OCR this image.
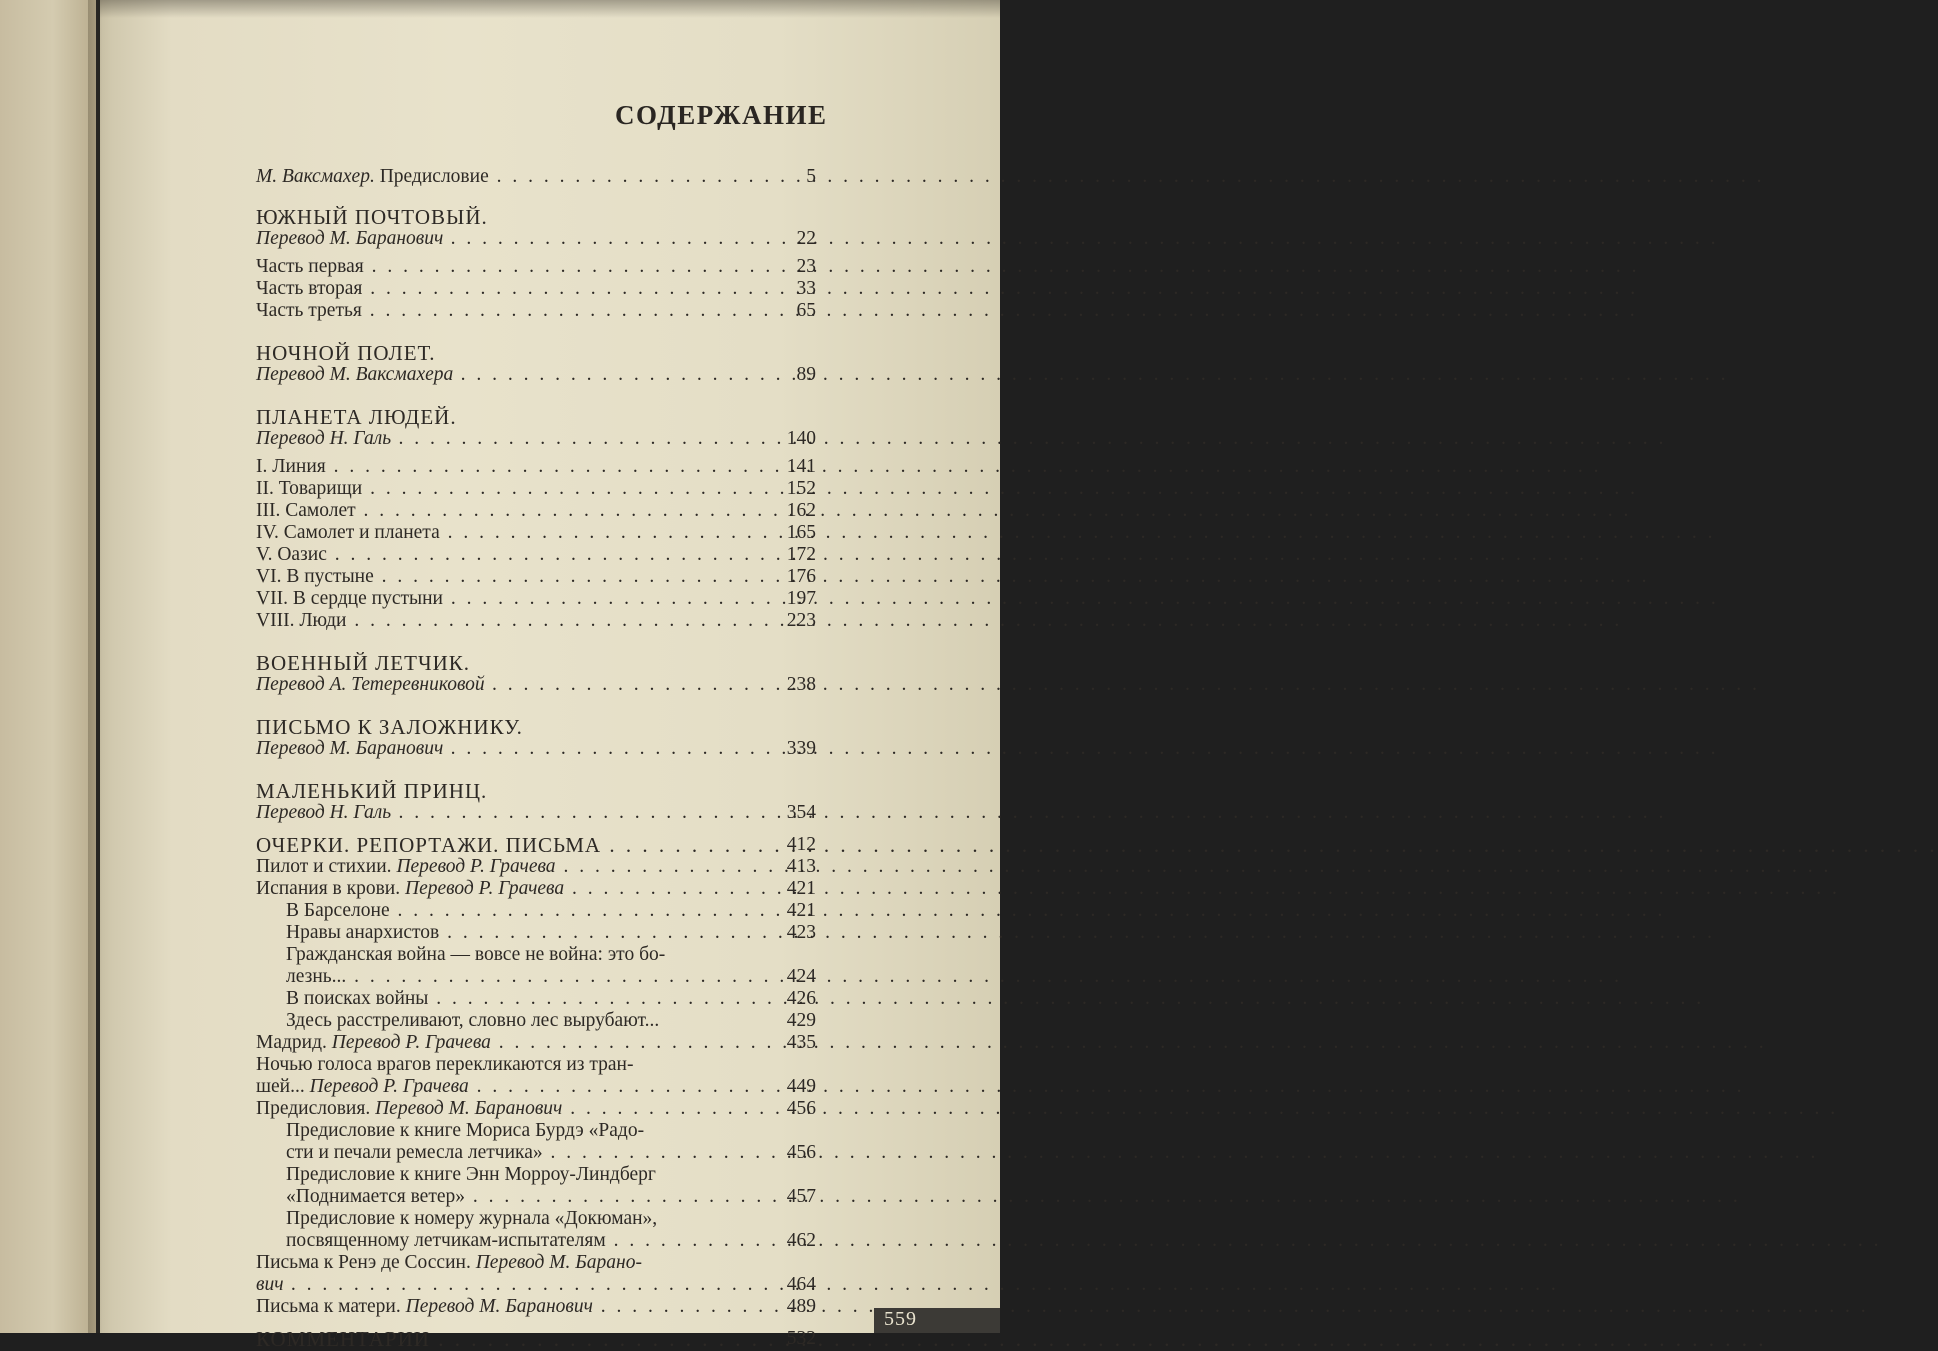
СОДЕРЖАНИЕ
М. Ваксмахер. Предисловие . . .	5
ЮЖНЫЙ ПОЧТОВЫЙ.
Перевод М. Баранович . . .	22
Часть первая . . .	23
Часть вторая . . .	33
Часть третья . . .	65
НОЧНОЙ ПОЛЕТ.
Перевод М. Ваксмахера . . .	89
ПЛАНЕТА ЛЮДЕЙ.
Перевод Н. Галь . . .	140
I. Линия . . .	141
II. Товарищи . . .	152
III. Самолет . . .	162
IV. Самолет и планета . . .	165
V. Оазис . . .	172
VI. В пустыне . . .	176
VII. В сердце пустыни . . .	197
VIII. Люди . . .	223
ВОЕННЫЙ ЛЕТЧИК.
Перевод А. Тетеревниковой . . .	238
ПИСЬМО К ЗАЛОЖНИКУ.
Перевод М. Баранович . . .	339
МАЛЕНЬКИЙ ПРИНЦ.
Перевод Н. Галь . . .	354
ОЧЕРКИ. РЕПОРТАЖИ. ПИСЬМА . . .	412
Пилот и стихии. Перевод Р. Грачева . . .	413
Испания в крови. Перевод Р. Грачева . . .	421
В Барселоне . . .	421
Нравы анархистов . . .	423
Гражданская война — вовсе не война: это бо-
лезнь... . . .	424
В поисках войны . . .	426
Здесь расстреливают, словно лес вырубают...	429
Мадрид. Перевод Р. Грачева . . .	435
Ночью голоса врагов перекликаются из тран-
шей... Перевод Р. Грачева . . .	449
Предисловия. Перевод М. Баранович . . .	456
Предисловие к книге Мориса Бурдэ «Радо-
сти и печали ремесла летчика» . . .	456
Предисловие к книге Энн Морроу-Линдберг
«Поднимается ветер» . . .	457
Предисловие к номеру журнала «Докюман»,
посвященному летчикам-испытателям . . .	462
Письма к Ренэ де Соссин. Перевод М. Барано-
вич . . .	464
Письма к матери. Перевод М. Баранович . . .	489
КОММЕНТАРИИ . . .	532
559
